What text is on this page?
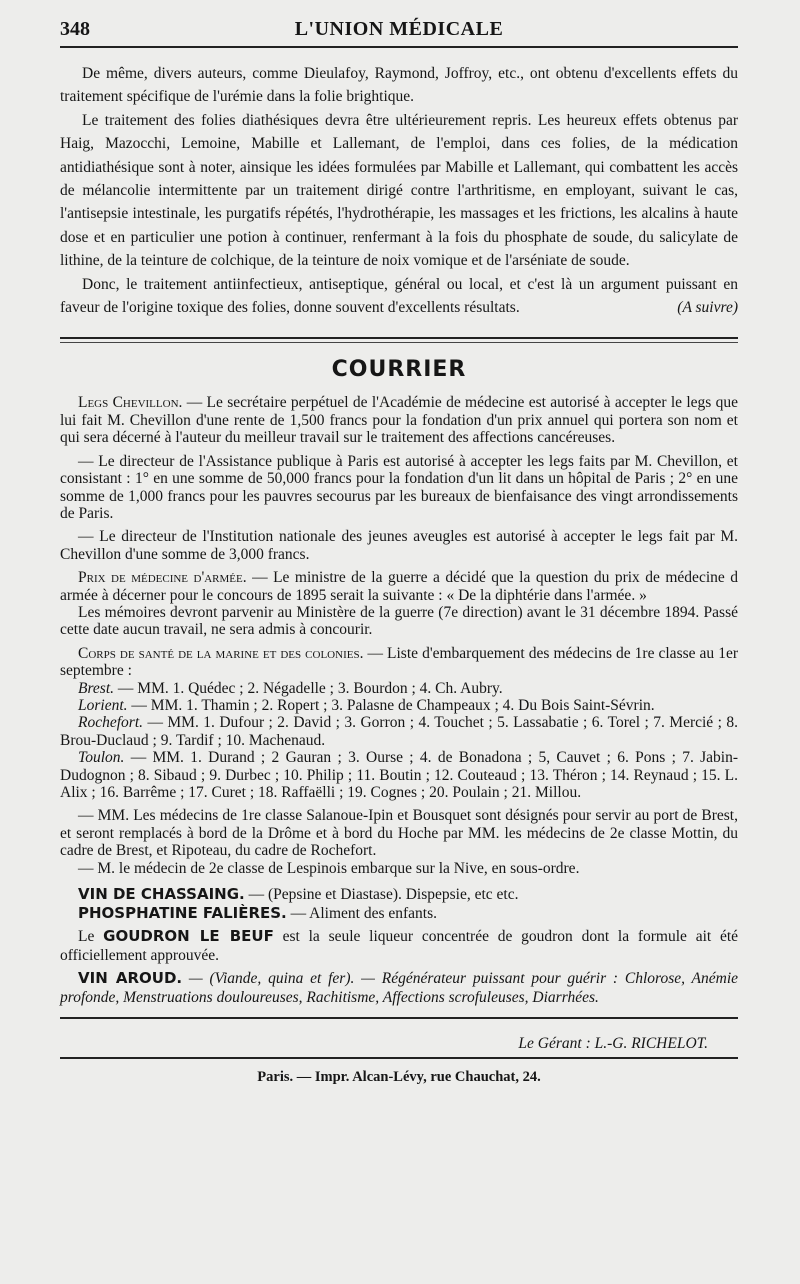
348	L'UNION MÉDICALE

De même, divers auteurs, comme Dieulafoy, Raymond, Joffroy, etc., ont obtenu d'excellents effets du traitement spécifique de l'urémie dans la folie brightique.

Le traitement des folies diathésiques devra être ultérieurement repris. Les heureux effets obtenus par Haig, Mazocchi, Lemoine, Mabille et Lallemant, de l'emploi, dans ces folies, de la médication antidiathésique sont à noter, ainsique les idées formulées par Mabille et Lallemant, qui combattent les accès de mélancolie intermittente par un traitement dirigé contre l'arthritisme, en employant, suivant le cas, l'antisepsie intestinale, les purgatifs répétés, l'hydrothérapie, les massages et les frictions, les alcalins à haute dose et en particulier une potion à continuer, renfermant à la fois du phosphate de soude, du salicylate de lithine, de la teinture de colchique, de la teinture de noix vomique et de l'arséniate de soude.

Donc, le traitement antiinfectieux, antiseptique, général ou local, et c'est là un argument puissant en faveur de l'origine toxique des folies, donne souvent d'excellents résultats.	(A suivre)

COURRIER

Legs Chevillon. — Le secrétaire perpétuel de l'Académie de médecine est autorisé à accepter le legs que lui fait M. Chevillon d'une rente de 1,500 francs pour la fondation d'un prix annuel qui portera son nom et qui sera décerné à l'auteur du meilleur travail sur le traitement des affections cancéreuses.

— Le directeur de l'Assistance publique à Paris est autorisé à accepter les legs faits par M. Chevillon, et consistant : 1° en une somme de 50,000 francs pour la fondation d'un lit dans un hôpital de Paris ; 2° en une somme de 1,000 francs pour les pauvres secourus par les bureaux de bienfaisance des vingt arrondissements de Paris.

— Le directeur de l'Institution nationale des jeunes aveugles est autorisé à accepter le legs fait par M. Chevillon d'une somme de 3,000 francs.

Prix de médecine d'armée. — Le ministre de la guerre a décidé que la question du prix de médecine d armée à décerner pour le concours de 1895 serait la suivante : « De la diphtérie dans l'armée. »

Les mémoires devront parvenir au Ministère de la guerre (7e direction) avant le 31 décembre 1894. Passé cette date aucun travail, ne sera admis à concourir.

Corps de santé de la marine et des colonies. — Liste d'embarquement des médecins de 1re classe au 1er septembre :

Brest. — MM. 1. Quédec ; 2. Négadelle ; 3. Bourdon ; 4. Ch. Aubry.

Lorient. — MM. 1. Thamin ; 2. Ropert ; 3. Palasne de Champeaux ; 4. Du Bois Saint-Sévrin.

Rochefort. — MM. 1. Dufour ; 2. David ; 3. Gorron ; 4. Touchet ; 5. Lassabatie ; 6. Torel ; 7. Mercié ; 8. Brou-Duclaud ; 9. Tardif ; 10. Machenaud.

Toulon. — MM. 1. Durand ; 2 Gauran ; 3. Ourse ; 4. de Bonadona ; 5, Cauvet ; 6. Pons ; 7. Jabin-Dudognon ; 8. Sibaud ; 9. Durbec ; 10. Philip ; 11. Boutin ; 12. Couteaud ; 13. Théron ; 14. Reynaud ; 15. L. Alix ; 16. Barrême ; 17. Curet ; 18. Raffaëlli ; 19. Cognes ; 20. Poulain ; 21. Millou.

— MM. Les médecins de 1re classe Salanoue-Ipin et Bousquet sont désignés pour servir au port de Brest, et seront remplacés à bord de la Drôme et à bord du Hoche par MM. les médecins de 2e classe Mottin, du cadre de Brest, et Ripoteau, du cadre de Rochefort.

— M. le médecin de 2e classe de Lespinois embarque sur la Nive, en sous-ordre.

VIN DE CHASSAING. — (Pepsine et Diastase). Dispepsie, etc etc.

PHOSPHATINE FALIÈRES. — Aliment des enfants.

Le GOUDRON LE BEUF est la seule liqueur concentrée de goudron dont la formule ait été officiellement approuvée.

VIN AROUD. — (Viande, quina et fer). — Régénérateur puissant pour guérir : Chlorose, Anémie profonde, Menstruations douloureuses, Rachitisme, Affections scrofuleuses, Diarrhées.

Le Gérant : L.-G. RICHELOT.
Paris. — Impr. Alcan-Lévy, rue Chauchat, 24.
